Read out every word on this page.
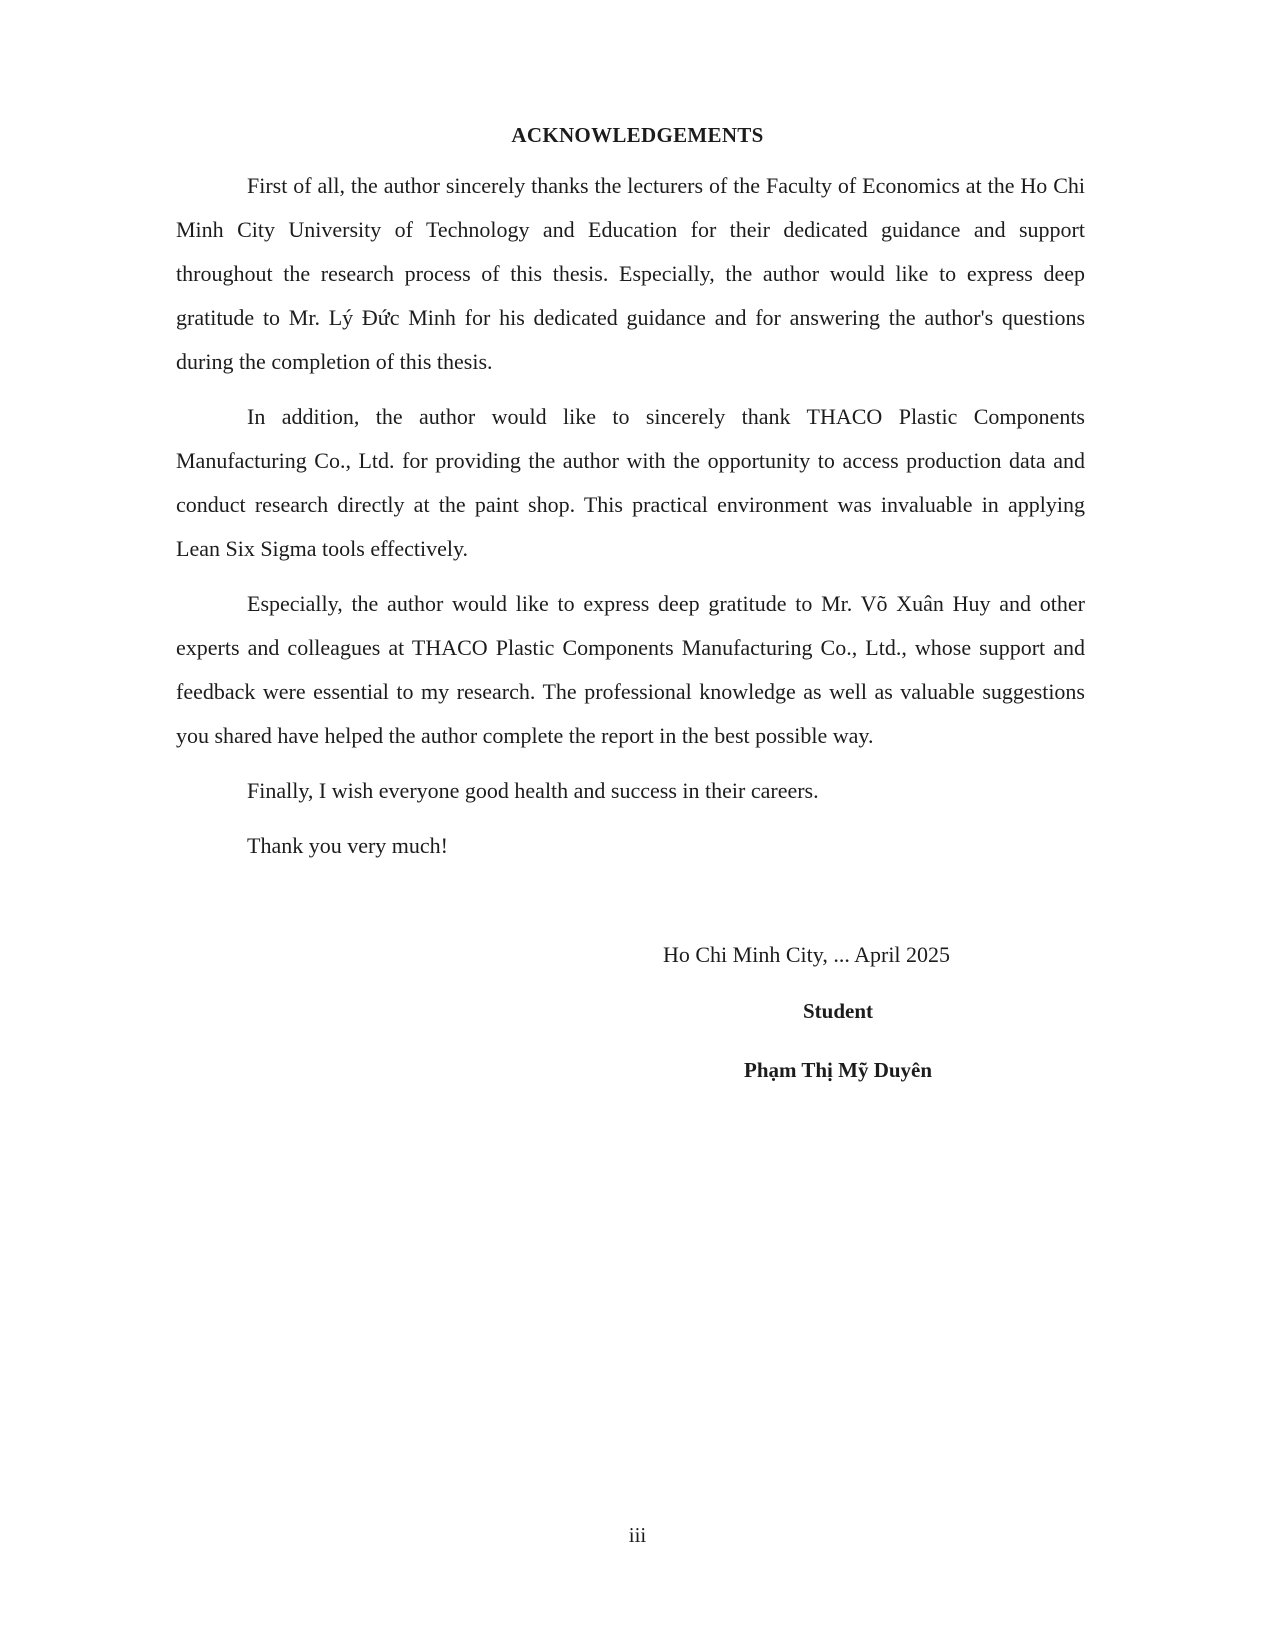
ACKNOWLEDGEMENTS

First of all, the author sincerely thanks the lecturers of the Faculty of Economics at the Ho Chi Minh City University of Technology and Education for their dedicated guidance and support throughout the research process of this thesis. Especially, the author would like to express deep gratitude to Mr. Lý Đức Minh for his dedicated guidance and for answering the author's questions during the completion of this thesis.

In addition, the author would like to sincerely thank THACO Plastic Components Manufacturing Co., Ltd. for providing the author with the opportunity to access production data and conduct research directly at the paint shop. This practical environment was invaluable in applying Lean Six Sigma tools effectively.

Especially, the author would like to express deep gratitude to Mr. Võ Xuân Huy and other experts and colleagues at THACO Plastic Components Manufacturing Co., Ltd., whose support and feedback were essential to my research. The professional knowledge as well as valuable suggestions you shared have helped the author complete the report in the best possible way.

Finally, I wish everyone good health and success in their careers.

Thank you very much!

Ho Chi Minh City, ... April 2025
Student
Phạm Thị Mỹ Duyên
iii
